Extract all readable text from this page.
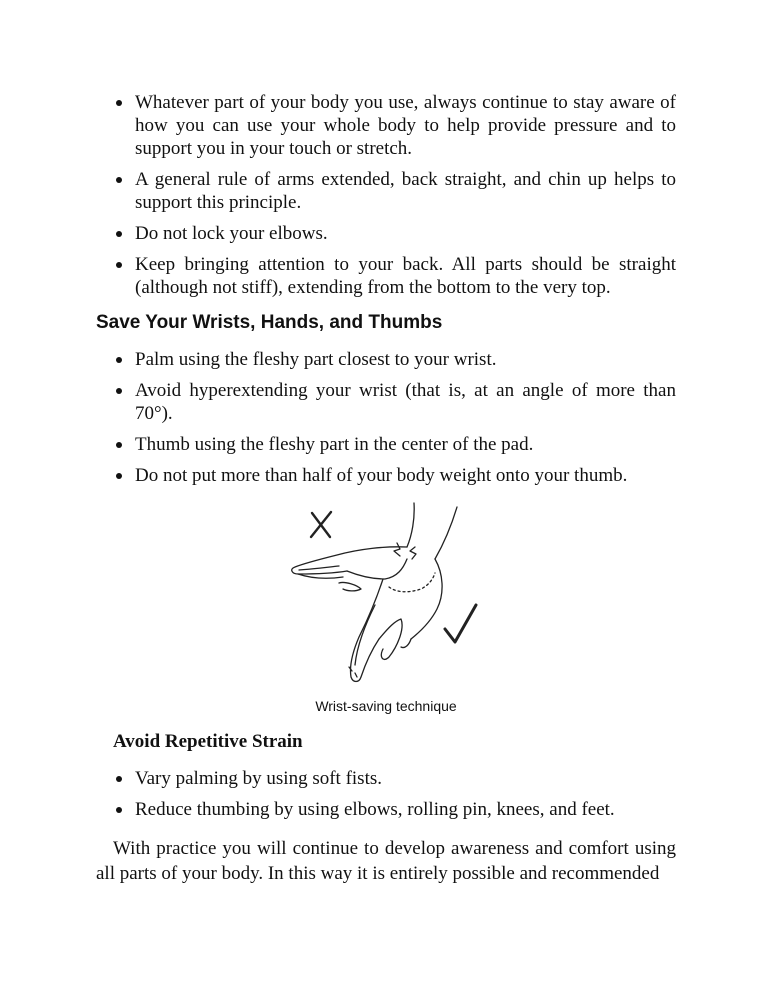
Whatever part of your body you use, always continue to stay aware of how you can use your whole body to help provide pressure and to support you in your touch or stretch.
A general rule of arms extended, back straight, and chin up helps to support this principle.
Do not lock your elbows.
Keep bringing attention to your back. All parts should be straight (although not stiff), extending from the bottom to the very top.
Save Your Wrists, Hands, and Thumbs
Palm using the fleshy part closest to your wrist.
Avoid hyperextending your wrist (that is, at an angle of more than 70°).
Thumb using the fleshy part in the center of the pad.
Do not put more than half of your body weight onto your thumb.
Wrist-saving technique
Avoid Repetitive Strain
Vary palming by using soft fists.
Reduce thumbing by using elbows, rolling pin, knees, and feet.

With practice you will continue to develop awareness and comfort using all parts of your body. In this way it is entirely possible and recommended
